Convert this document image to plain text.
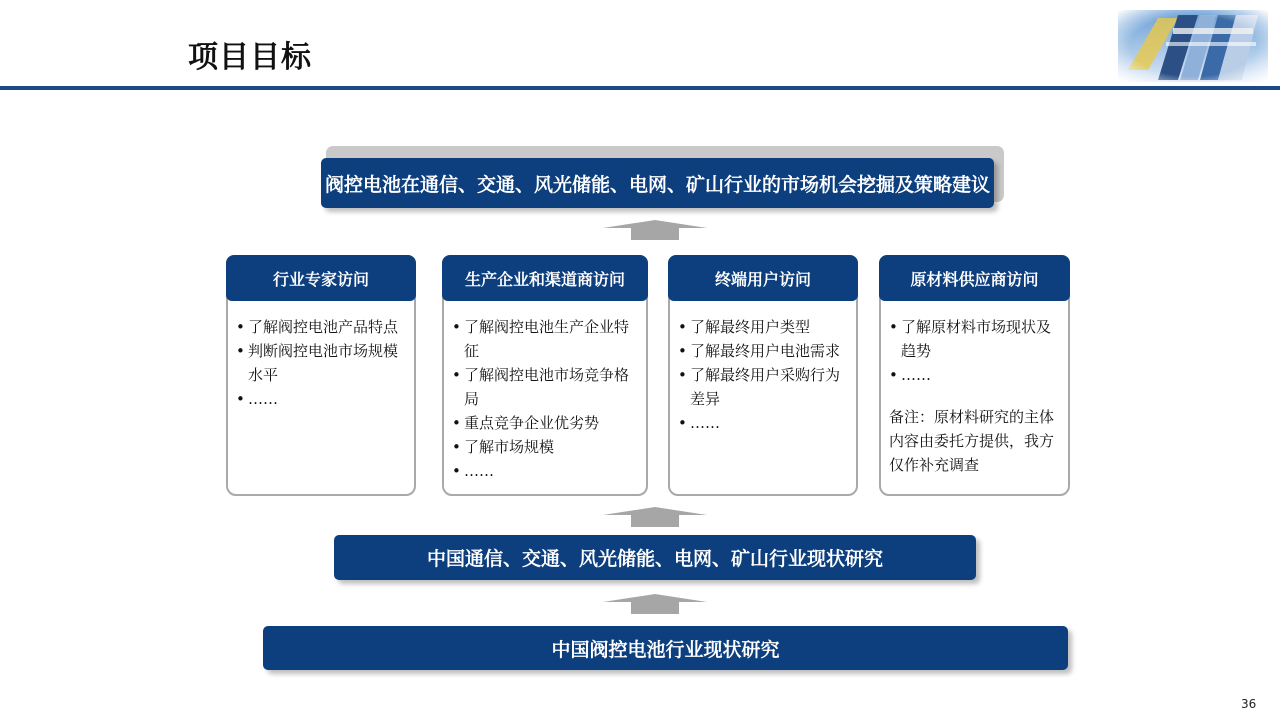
项目目标
阀控电池在通信、交通、风光储能、电网、矿山行业的市场机会挖掘及策略建议
行业专家访问
• 了解阀控电池产品特点
• 判断阀控电池市场规模水平
• ……
生产企业和渠道商访问
• 了解阀控电池生产企业特征
• 了解阀控电池市场竞争格局
• 重点竞争企业优劣势
• 了解市场规模
• ……
终端用户访问
• 了解最终用户类型
• 了解最终用户电池需求
• 了解最终用户采购行为差异
• ……
原材料供应商访问
• 了解原材料市场现状及趋势
• ……
备注：原材料研究的主体内容由委托方提供，我方仅作补充调查
中国通信、交通、风光储能、电网、矿山行业现状研究
中国阀控电池行业现状研究
36
